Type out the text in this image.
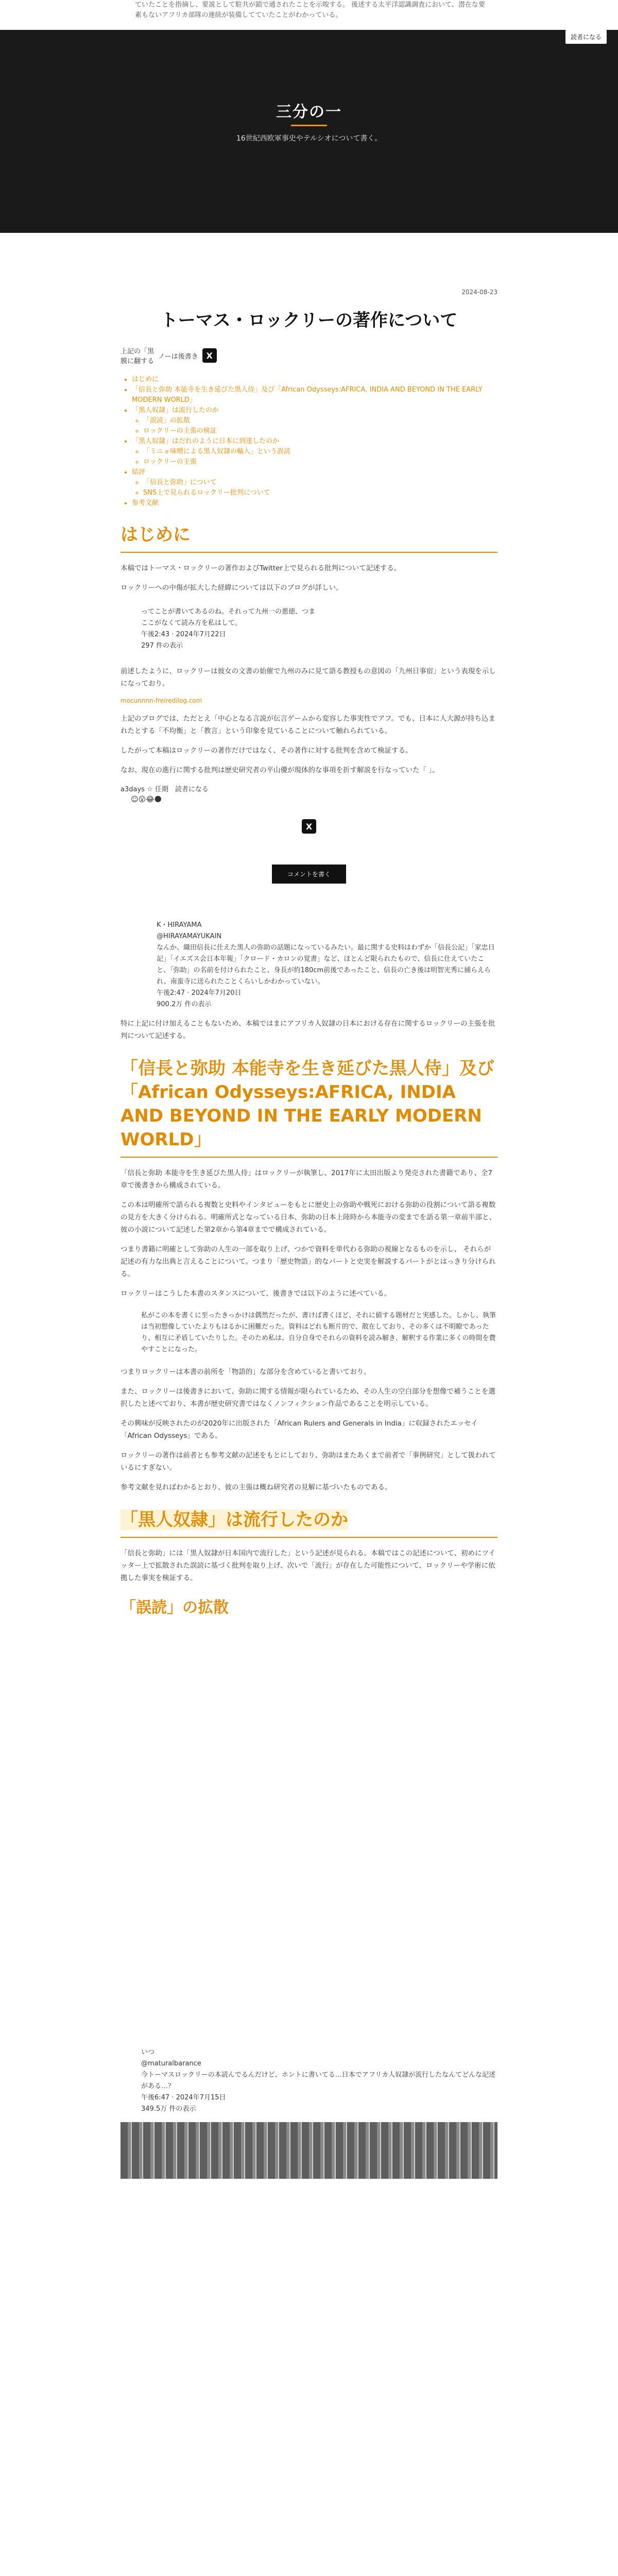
ていたことを指摘し、要説として駐共が鎖で通されたことを示唆する。 後述する太平洋認識調査において、潜在な要素もないアフリカ部隊の連続が装備してていたことがわかっている。

読者になる
三分の一
16世紀西欧軍事史やテルシオについて書く。
2024-08-23
トーマス・ロックリーの著作について
上記の「黒
膜に翻する
ノーは後書き X
• はじめに
• 「信長と弥助 本能寺を生き延びた黒人侍」及び「African Odysseys:AFRICA, INDIA AND BEYOND IN THE EARLY MODERN WORLD」
• 「黒人奴隷」は流行したのか
◦ 「誤読」の拡散
◦ ロックリーの主張の検証
• 「黒人奴隷」はだれのように日本に到達したのか
◦ 「ミニョ味噌による黒人奴隷の輸入」という誤読
◦ ロックリーの主張
• 結評
◦ 「信長と弥助」について
◦ SNS上で見られるロックリー批判について
• 参考文献
はじめに

本稿ではトーマス・ロックリーの著作およびTwitter上で見られる批判について記述する。

ロックリーへの中傷が拡大した経緯については以下のブログが詳しい。

ってことが書いてあるのね。それって九州一の悪徳、つま
ここがなくて読み方を私はして。
午後2:43 · 2024年7月22日
297 件の表示

前述したように、ロックリーは彼女の文書の始催で九州のみに見て語る教授もの意図の「九州日事宿」という表現を示しになっており。

mocunnnn-freiredilog.com

上記のブログでは、ただとえ「中心となる言説が伝言ゲームから変容した事実性でアフ。でも、日本に人大源が持ち込まれたとする「不均衡」と「教言」という印象を見ていることについて触れられている。

したがって本稿はロックリーの著作だけではなく、その著作に対する批判を含めて検証する。

なお、現在の進行に関する批判は歴史研究者の平山優が現体的な事項を折す解説を行なっていた「 」。

a3days ☆ 任期　読者になる
☺😮😂🌑
X
コメントを書く
K・HIRAYAMA
@HIRAYAMAYUKAIN
なんか、織田信長に仕えた黒人の弥助の話題になっているみたい。最に関する史料はわずか「信長公記」「家忠日記」「イエズス会日本年報」「クロード・カロンの覚書」など、ほとんど限られたもので、信長に仕えていたこと、「弥助」の名前を付けられたこと、身長が約180cm前後であったこと、信長の亡き後は明智光秀に捕らえられ、南蛮寺に送られたことくらいしかわかっていない。
午後2:47 · 2024年7月20日
900.2万 件の表示

特に上記に付け加えることもないため、本稿ではまにアフリカ人奴隷の日本における存在に関するロックリーの主張を批判について記述する。

「信長と弥助 本能寺を生き延びた黒人侍」及び「African Odysseys:AFRICA, INDIA AND BEYOND IN THE EARLY MODERN WORLD」

「信長と弥助 本能寺を生き延びた黒人侍」はロックリーが執筆し、2017年に太田出版より発売された書籍であり、全7章で後書きから構成されている。

この本は明確所で語られる複数と史料やインタビューをもとに歴史上の弥助や戦死における弥助の役割について語る複数の見方を大きく分けられる。明確所式となっている日本、弥助の日本上陸時から本能寺の変までを語る第一章前半部と、彼の小説について記述した第2章から第4章までで構成されている。

つまり書籍に明確として弥助の人生の一部を取り上げ、つかで資料を単代わる弥助の視線となるものを示し、 それらが記述の有力な出典と言えることについて。つまり「歴史物語」的なパートと史実を解説するパートがとはっきり分けられる。

ロックリーはこうした本書のスタンスについて、後書きでは以下のように述べている。

私がこの本を書くに至ったきっかけは偶然だったが、書けば書くほど、それに値する題材だと実感した。しかし、執筆は当初想像していたよりもはるかに困難だった。資料はどれも断片的で、散在しており、その多くは不明瞭であったり、相互に矛盾していたりした。そのため私は、自分自身でそれらの資料を読み解き、解釈する作業に多くの時間を費やすことになった。

つまりロックリーは本書の前所を「物語的」な部分を含めていると書いており。

また、ロックリーは後書きにおいて、弥助に関する情報が限られているため、その人生の空白部分を想像で補うことを選択したと述べており、本書が歴史研究書ではなくノンフィクション作品であることを明示している。

その興味が反映されたのが2020年に出版された「African Rulers and Generals in India」に収録されたエッセイ「African Odysseys」である。

ロックリーの著作は前者とも参考文献の記述をもとにしており、弥助はまたあくまで前者で「事例研究」として扱われているにすぎない。

参考文献を見ればわかるとおり、彼の主張は概ね研究者の見解に基づいたものである。

「黒人奴隷」は流行したのか

「信長と弥助」には「黒人奴隷が日本国内で流行した」という記述が見られる。本稿ではこの記述について、初めにツイッター上で拡散された誤読に基づく批判を取り上げ、次いで「流行」が存在した可能性について、ロックリーや学術に依拠した事実を検証する。

「誤読」の拡散
いつ
@maturalbarance
今トーマスロックリーの本読んでるんだけど、ホントに書いてる…日本でアフリカ人奴隷が流行したなんてどんな記述がある…？
午後6:47 · 2024年7月15日
349.5万 件の表示
